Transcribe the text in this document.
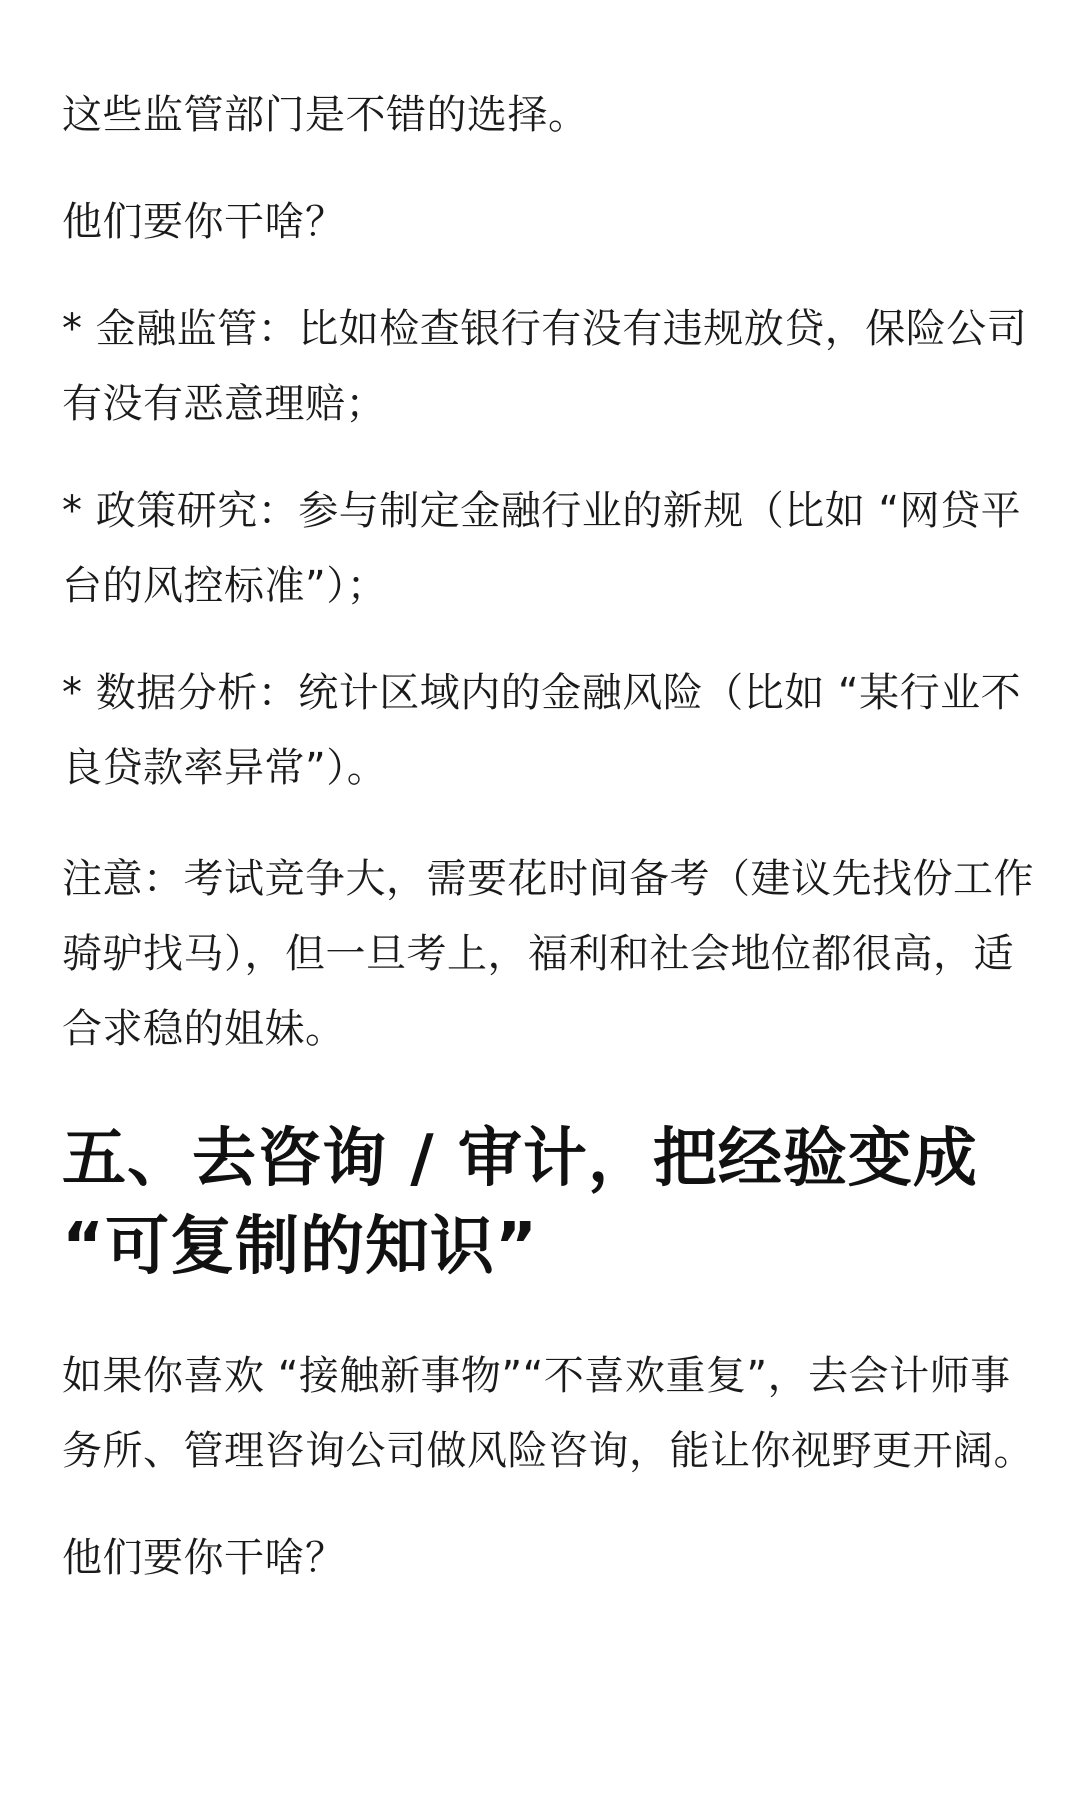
这些监管部门是不错的选择。

他们要你干啥？

* 金融监管：比如检查银行有没有违规放贷，保险公司有没有恶意理赔；

* 政策研究：参与制定金融行业的新规（比如 “网贷平台的风控标准”）；

* 数据分析：统计区域内的金融风险（比如 “某行业不良贷款率异常”）。

注意：考试竞争大，需要花时间备考（建议先找份工作骑驴找马），但一旦考上，福利和社会地位都很高，适合求稳的姐妹。

五、去咨询 / 审计，把经验变成 “可复制的知识”

如果你喜欢 “接触新事物”“不喜欢重复”，去会计师事务所、管理咨询公司做风险咨询，能让你视野更开阔。

他们要你干啥？
